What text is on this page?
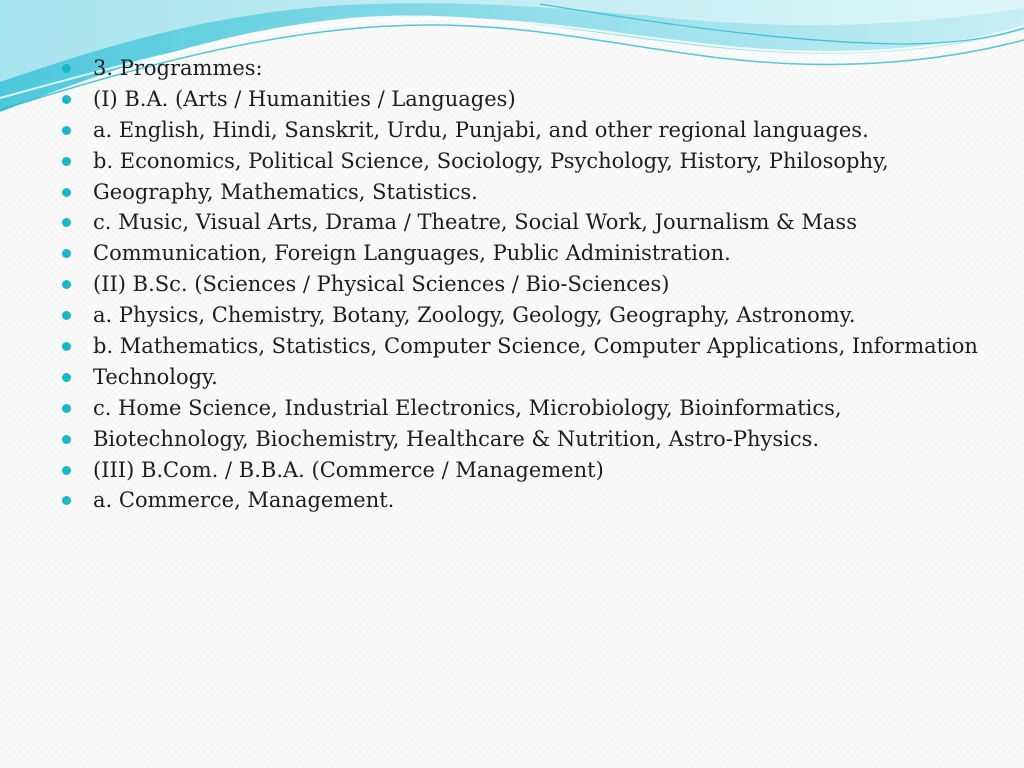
3. Programmes:
(I) B.A. (Arts / Humanities / Languages)
a. English, Hindi, Sanskrit, Urdu, Punjabi, and other regional languages.
b. Economics, Political Science, Sociology, Psychology, History, Philosophy,
Geography, Mathematics, Statistics.
c. Music, Visual Arts, Drama / Theatre, Social Work, Journalism & Mass
Communication, Foreign Languages, Public Administration.
(II) B.Sc. (Sciences / Physical Sciences / Bio-Sciences)
a. Physics, Chemistry, Botany, Zoology, Geology, Geography, Astronomy.
b. Mathematics, Statistics, Computer Science, Computer Applications, Information
Technology.
c. Home Science, Industrial Electronics, Microbiology, Bioinformatics,
Biotechnology, Biochemistry, Healthcare & Nutrition, Astro-Physics.
(III) B.Com. / B.B.A. (Commerce / Management)
a. Commerce, Management.
